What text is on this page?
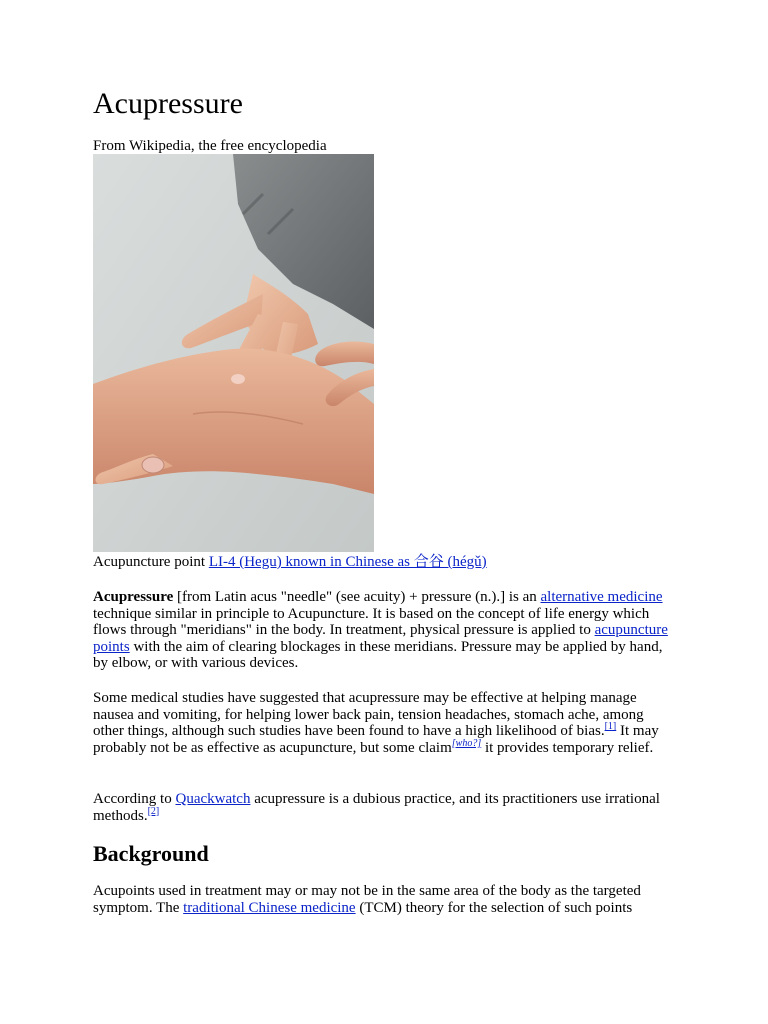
Acupressure

From Wikipedia, the free encyclopedia

Acupuncture point LI-4 (Hegu) known in Chinese as 合谷 (hégǔ)

Acupressure [from Latin acus "needle" (see acuity) + pressure (n.).] is an alternative medicine technique similar in principle to Acupuncture. It is based on the concept of life energy which flows through "meridians" in the body. In treatment, physical pressure is applied to acupuncture points with the aim of clearing blockages in these meridians. Pressure may be applied by hand, by elbow, or with various devices.

Some medical studies have suggested that acupressure may be effective at helping manage nausea and vomiting, for helping lower back pain, tension headaches, stomach ache, among other things, although such studies have been found to have a high likelihood of bias.[1] It may probably not be as effective as acupuncture, but some claim[who?] it provides temporary relief.

According to Quackwatch acupressure is a dubious practice, and its practitioners use irrational methods.[2]

Background

Acupoints used in treatment may or may not be in the same area of the body as the targeted symptom. The traditional Chinese medicine (TCM) theory for the selection of such points
